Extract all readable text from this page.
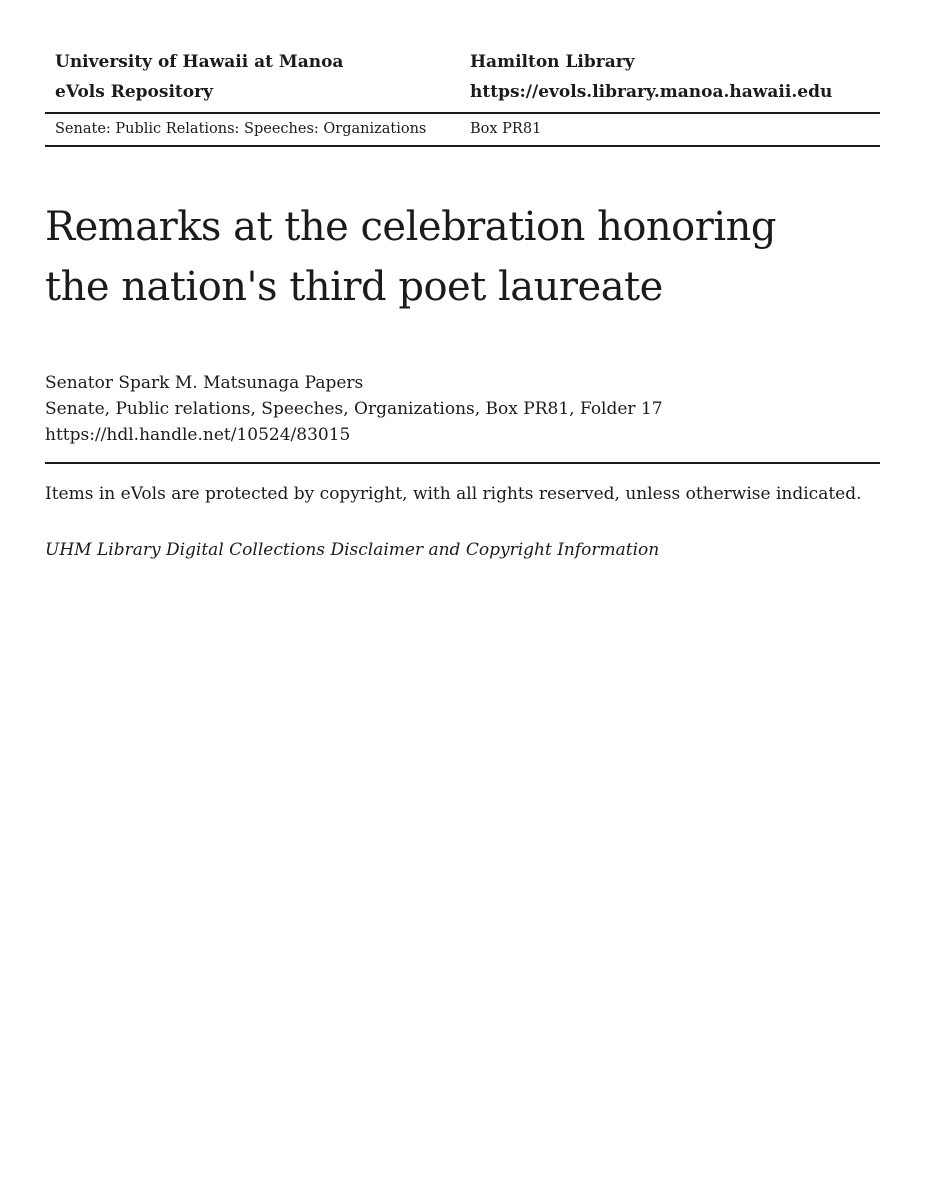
University of Hawaii at Manoa
eVols Repository
Hamilton Library
https://evols.library.manoa.hawaii.edu
Senate: Public Relations: Speeches: Organizations	Box PR81
Remarks at the celebration honoring
the nation's third poet laureate
Senator Spark M. Matsunaga Papers
Senate, Public relations, Speeches, Organizations, Box PR81, Folder 17
https://hdl.handle.net/10524/83015

Items in eVols are protected by copyright, with all rights reserved, unless otherwise indicated.

UHM Library Digital Collections Disclaimer and Copyright Information
